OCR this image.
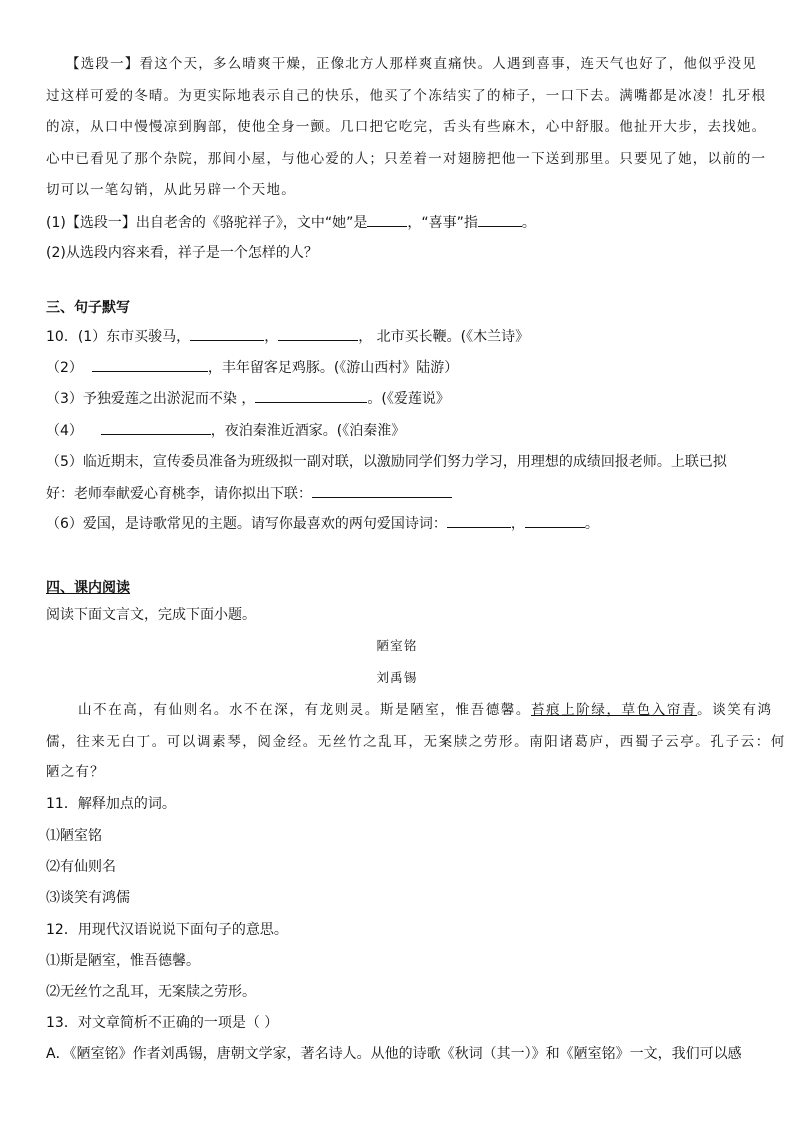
【选段一】看这个天，多么晴爽干燥，正像北方人那样爽直痛快。人遇到喜事，连天气也好了，他似乎没见
过这样可爱的冬晴。为更实际地表示自己的快乐，他买了个冻结实了的柿子，一口下去。满嘴都是冰凌！扎牙根
的凉，从口中慢慢凉到胸部，使他全身一颤。几口把它吃完，舌头有些麻木，心中舒服。他扯开大步，去找她。
心中已看见了那个杂院，那间小屋，与他心爱的人；只差着一对翅膀把他一下送到那里。只要见了她，以前的一
切可以一笔勾销，从此另辟一个天地。
(1)【选段一】出自老舍的《骆驼祥子》，文中“她”是	，“喜事”指	。
(2)从选段内容来看，祥子是一个怎样的人？
三、句子默写
10．(1）东市买骏马，	，	， 北市买长鞭。(《木兰诗》
（2）	，丰年留客足鸡豚。(《游山西村》陆游）
（3）予独爱莲之出淤泥而不染 ，	。(《爱莲说》
（4）	，夜泊秦淮近酒家。(《泊秦淮》
（5）临近期末，宣传委员准备为班级拟一副对联，以激励同学们努力学习，用理想的成绩回报老师。上联已拟
好：老师奉献爱心育桃李，请你拟出下联：
（6）爱国，是诗歌常见的主题。请写你最喜欢的两句爱国诗词：	，	。
四、课内阅读
阅读下面文言文，完成下面小题。
陋室铭
刘禹锡
山不在高，有仙则名。水不在深，有龙则灵。斯是陋室，惟吾德馨。苔痕上阶绿，草色入帘青。谈笑有鸿
儒，往来无白丁。可以调素琴，阅金经。无丝竹之乱耳，无案牍之劳形。南阳诸葛庐，西蜀子云亭。孔子云：何
陋之有？
11．解释加点的词。
⑴陋室铭
⑵有仙则名
⑶谈笑有鸿儒
12．用现代汉语说说下面句子的意思。
⑴斯是陋室，惟吾德馨。
⑵无丝竹之乱耳，无案牍之劳形。
13．对文章简析不正确的一项是（ ）
A．《陋室铭》作者刘禹锡，唐朝文学家，著名诗人。从他的诗歌《秋词（其一）》和《陋室铭》一文，我们可以感
